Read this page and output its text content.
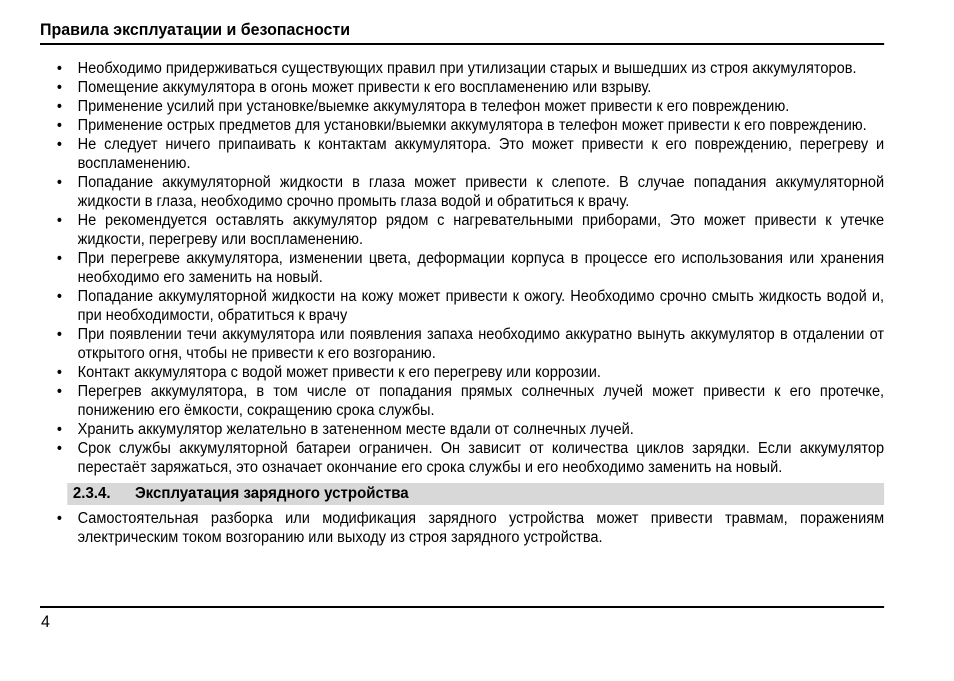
Правила эксплуатации и безопасности
•
Необходимо придерживаться существующих правил при утилизации старых и вышедших из строя аккумуляторов.
•
Помещение аккумулятора в огонь может привести к его воспламенению или взрыву.
•
Применение усилий при установке/выемке аккумулятора в телефон может привести к его повреждению.
•
Применение острых предметов для установки/выемки аккумулятора в телефон может привести к его повреждению.
•
Не следует ничего припаивать к контактам аккумулятора. Это может привести к его повреждению, перегреву и воспламенению.
•
Попадание аккумуляторной жидкости в глаза может привести к слепоте. В случае попадания аккумуляторной жидкости в глаза, необходимо срочно промыть глаза водой и обратиться к врачу.
•
Не рекомендуется оставлять аккумулятор рядом с нагревательными приборами, Это может привести к утечке жидкости, перегреву или воспламенению.
•
При перегреве аккумулятора, изменении цвета, деформации корпуса в процессе его использования или хранения необходимо его заменить на новый.
•
Попадание аккумуляторной жидкости на кожу может привести к ожогу. Необходимо срочно смыть жидкость водой и, при необходимости, обратиться к врачу
•
При появлении течи аккумулятора или появления запаха необходимо аккуратно вынуть аккумулятор в отдалении от открытого огня, чтобы не привести к его возгоранию.
•
Контакт аккумулятора с водой может привести к его перегреву или коррозии.
•
Перегрев аккумулятора, в том числе от попадания прямых солнечных лучей может привести к его протечке, понижению его ёмкости, сокращению срока службы.
•
Хранить аккумулятор желательно в затененном месте вдали от солнечных лучей.
•
Срок службы аккумуляторной батареи ограничен. Он зависит от количества циклов зарядки. Если аккумулятор перестаёт заряжаться, это означает окончание его срока службы и его необходимо заменить на новый.
2.3.4. Эксплуатация зарядного устройства
•
Самостоятельная разборка или модификация зарядного устройства может привести травмам, поражениям электрическим током возгоранию или выходу из строя зарядного устройства.
4
